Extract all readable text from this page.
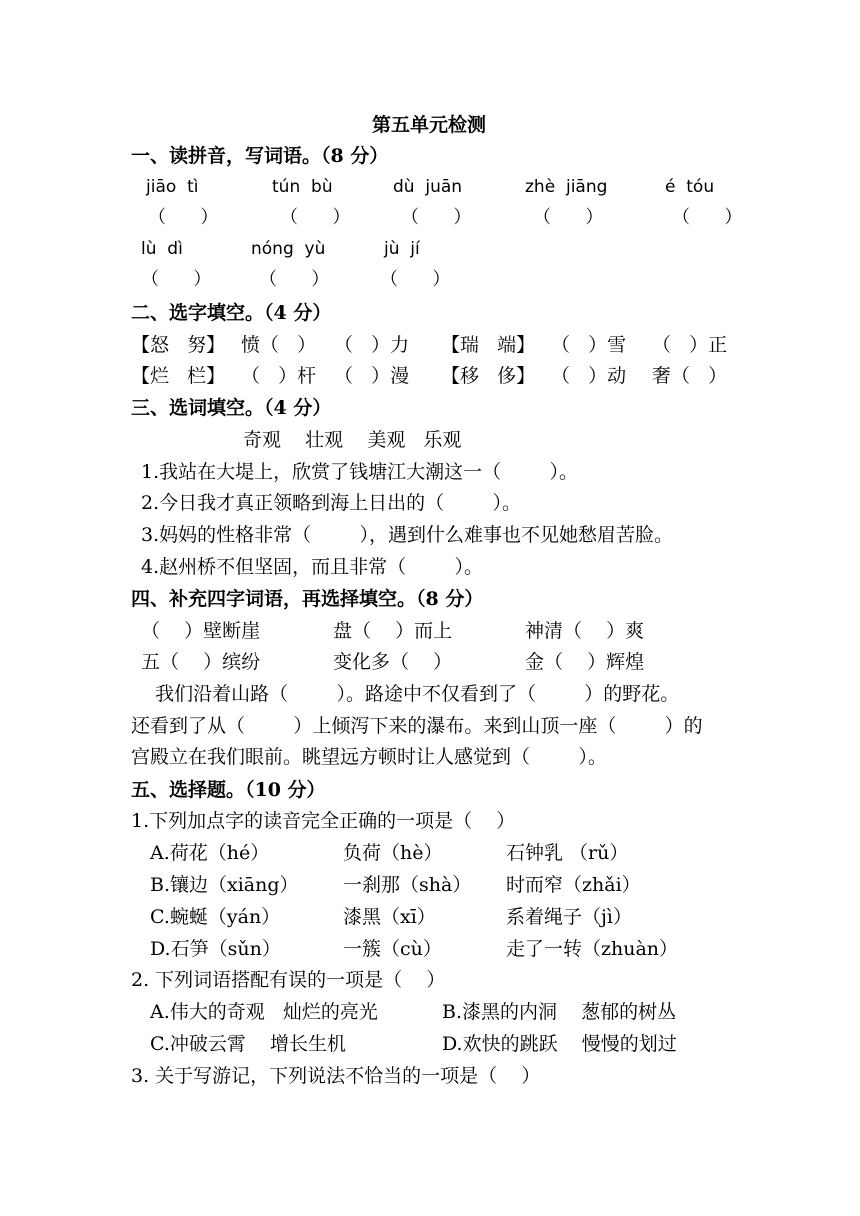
第五单元检测
一、读拼音，写词语。（8 分）
jiāo  tì	tún  bù	dù  juān	zhè  jiāng	é  tóu
（      ）	（      ）	（      ）	（      ）	（      ）
lù  dì	nóng  yù	jù  jí
（      ）	（      ）	（      ）
二、选字填空。（4 分）
【怒   努】 愤（   ） （   ）力 【瑞   端】 （   ）雪 （   ）正
【烂   栏】 （   ）杆 （   ）漫 【移   侈】 （   ）动 奢（   ）
三、选词填空。（4 分）
奇观    壮观    美观   乐观
1.我站在大堤上，欣赏了钱塘江大潮这一（        ）。
2.今日我才真正领略到海上日出的（        ）。
3.妈妈的性格非常（        ），遇到什么难事也不见她愁眉苦脸。
4.赵州桥不但坚固，而且非常（        ）。
四、补充四字词语，再选择填空。（8 分）
（    ）壁断崖	盘（    ）而上	神清（    ）爽
五（    ）缤纷	变化多（    ）	金（    ）辉煌
我们沿着山路（        ）。路途中不仅看到了（        ）的野花。
还看到了从（        ）上倾泻下来的瀑布。来到山顶一座（        ）的
宫殿立在我们眼前。眺望远方顿时让人感觉到（        ）。
五、选择题。（10 分）
1.下列加点字的读音完全正确的一项是（    ）
A.荷花（hé）	负荷（hè）	石钟乳 （rǔ）
B.镶边（xiāng） 一刹那（shà） 时而窄（zhǎi）
C.蜿蜒（yán）	漆黑（xī）	系着绳子（jì）
D.石笋（sǔn）	一簇（cù）	走了一转（zhuàn）
2. 下列词语搭配有误的一项是（    ）
A.伟大的奇观   灿烂的亮光	B.漆黑的内洞    葱郁的树丛
C.冲破云霄    增长生机	D.欢快的跳跃    慢慢的划过
3. 关于写游记，下列说法不恰当的一项是（    ）
